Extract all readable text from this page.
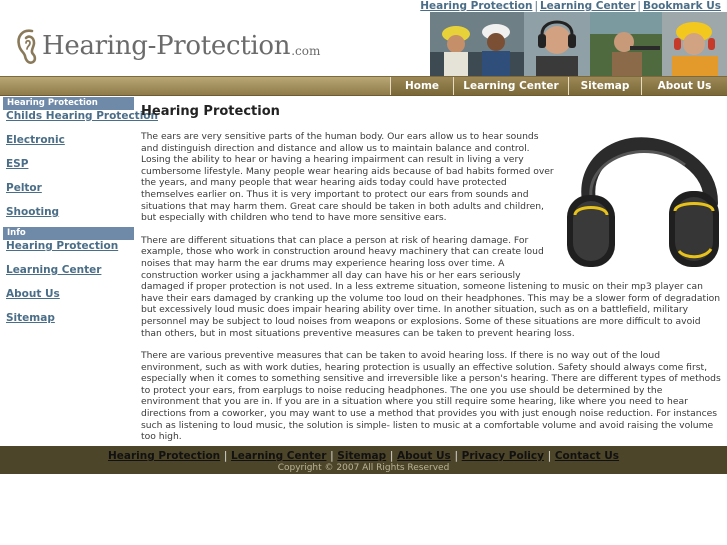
Hearing Protection | Learning Center | Bookmark Us
Hearing-Protection .com
Home	Learning Center	Sitemap	About Us
Hearing Protection
Childs Hearing Protection
Electronic
ESP
Peltor
Shooting
Info
Hearing Protection
Learning Center
About Us
Sitemap
Hearing Protection

The ears are very sensitive parts of the human body. Our ears allow us to hear sounds and distinguish direction and distance and allow us to maintain balance and control. Losing the ability to hear or having a hearing impairment can result in living a very cumbersome lifestyle. Many people wear hearing aids because of bad habits formed over the years, and many people that wear hearing aids today could have protected themselves earlier on. Thus it is very important to protect our ears from sounds and situations that may harm them. Great care should be taken in both adults and children, but especially with children who tend to have more sensitive ears.

There are different situations that can place a person at risk of hearing damage. For example, those who work in construction around heavy machinery that can create loud noises that may harm the ear drums may experience hearing loss over time. A construction worker using a jackhammer all day can have his or her ears seriously damaged if proper protection is not used. In a less extreme situation, someone listening to music on their mp3 player can have their ears damaged by cranking up the volume too loud on their headphones. This may be a slower form of degradation but excessively loud music does impair hearing ability over time. In another situation, such as on a battlefield, military personnel may be subject to loud noises from weapons or explosions. Some of these situations are more difficult to avoid than others, but in most situations preventive measures can be taken to prevent hearing loss.

There are various preventive measures that can be taken to avoid hearing loss. If there is no way out of the loud environment, such as with work duties, hearing protection is usually an effective solution. Safety should always come first, especially when it comes to something sensitive and irreversible like a person's hearing. There are different types of methods to protect your ears, from earplugs to noise reducing headphones. The one you use should be determined by the environment that you are in. If you are in a situation where you still require some hearing, like where you need to hear directions from a coworker, you may want to use a method that provides you with just enough noise reduction. For instances such as listening to loud music, the solution is simple- listen to music at a comfortable volume and avoid raising the volume too high.

Hearing Protection | Learning Center | Sitemap | About Us | Privacy Policy | Contact Us
Copyright © 2007 All Rights Reserved
